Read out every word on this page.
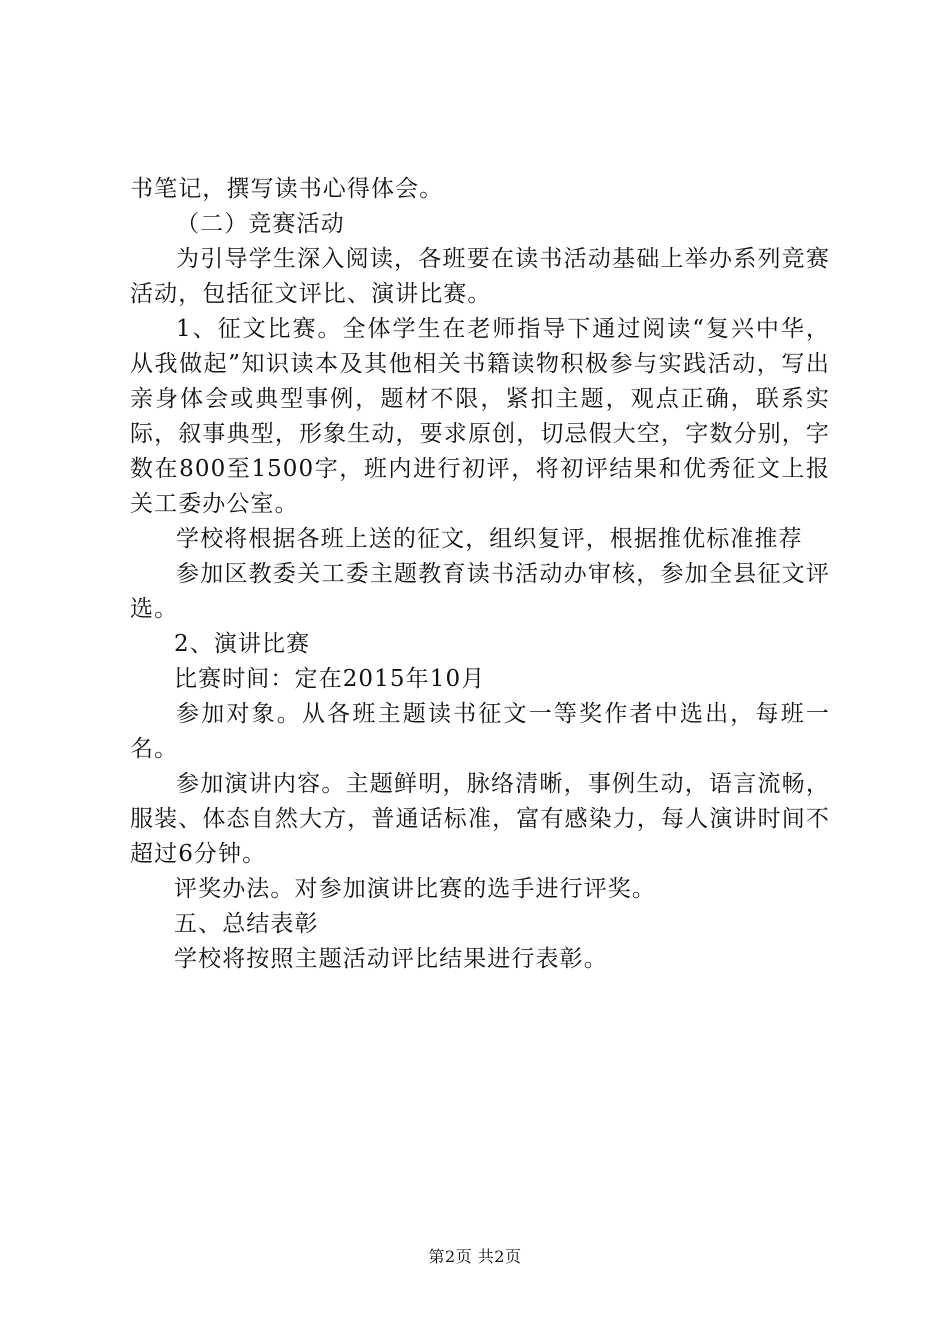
书笔记，撰写读书心得体会。

（二）竞赛活动

为引导学生深入阅读，各班要在读书活动基础上举办系列竞赛活动，包括征文评比、演讲比赛。

1、征文比赛。全体学生在老师指导下通过阅读“复兴中华，从我做起”知识读本及其他相关书籍读物积极参与实践活动，写出亲身体会或典型事例，题材不限，紧扣主题，观点正确，联系实际，叙事典型，形象生动，要求原创，切忌假大空，字数分别，字数在800至1500字，班内进行初评，将初评结果和优秀征文上报关工委办公室。

学校将根据各班上送的征文，组织复评，根据推优标准推荐

参加区教委关工委主题教育读书活动办审核，参加全县征文评选。

2、演讲比赛

比赛时间：定在2015年10月

参加对象。从各班主题读书征文一等奖作者中选出，每班一名。

参加演讲内容。主题鲜明，脉络清晰，事例生动，语言流畅，服装、体态自然大方，普通话标准，富有感染力，每人演讲时间不超过6分钟。

评奖办法。对参加演讲比赛的选手进行评奖。

五、总结表彰

学校将按照主题活动评比结果进行表彰。

第2页 共2页
